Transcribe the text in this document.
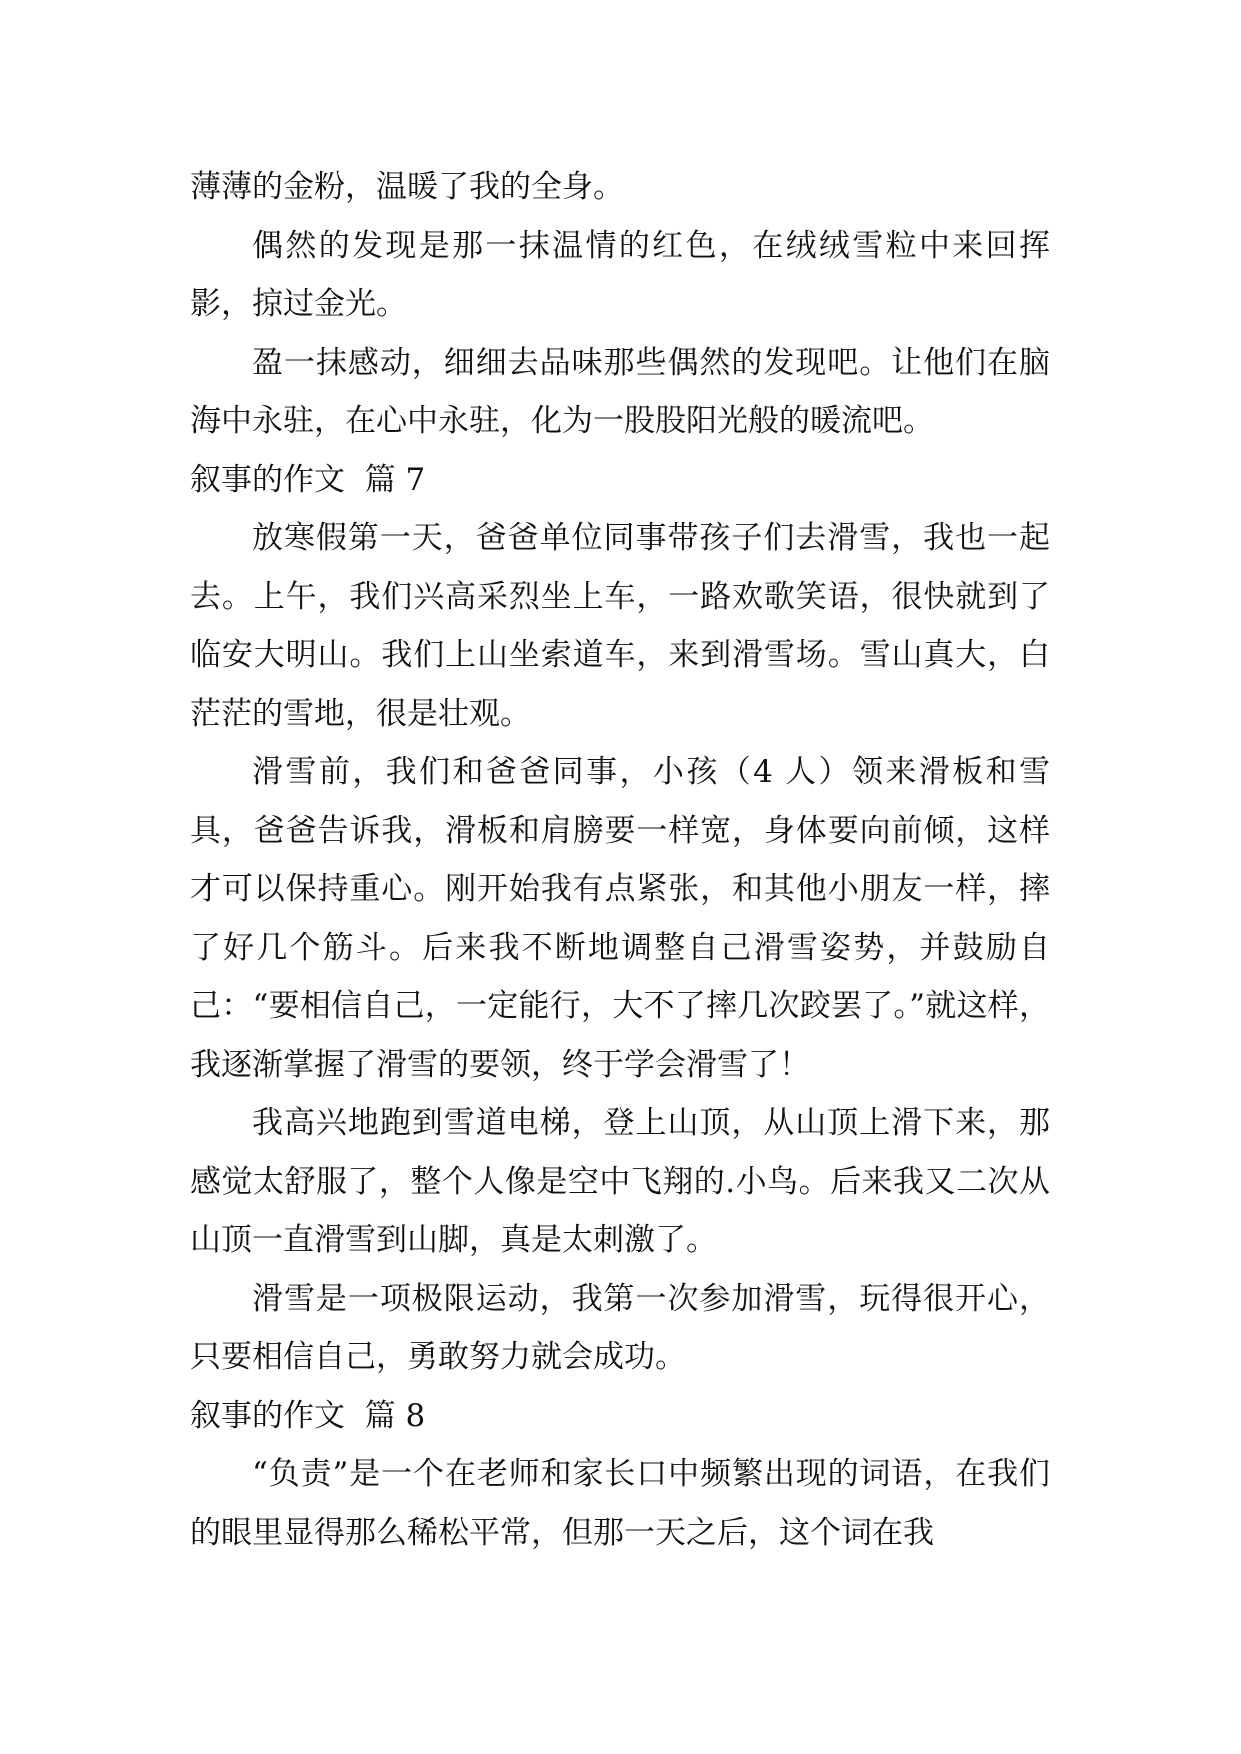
薄薄的金粉，温暖了我的全身。

偶然的发现是那一抹温情的红色，在绒绒雪粒中来回挥影，掠过金光。

盈一抹感动，细细去品味那些偶然的发现吧。让他们在脑海中永驻，在心中永驻，化为一股股阳光般的暖流吧。

叙事的作文  篇 7

放寒假第一天，爸爸单位同事带孩子们去滑雪，我也一起去。上午，我们兴高采烈坐上车，一路欢歌笑语，很快就到了临安大明山。我们上山坐索道车，来到滑雪场。雪山真大，白茫茫的雪地，很是壮观。

滑雪前，我们和爸爸同事，小孩（4 人）领来滑板和雪具，爸爸告诉我，滑板和肩膀要一样宽，身体要向前倾，这样才可以保持重心。刚开始我有点紧张，和其他小朋友一样，摔了好几个筋斗。后来我不断地调整自己滑雪姿势，并鼓励自己：“要相信自己，一定能行，大不了摔几次跤罢了。”就这样，我逐渐掌握了滑雪的要领，终于学会滑雪了！

我高兴地跑到雪道电梯，登上山顶，从山顶上滑下来，那感觉太舒服了，整个人像是空中飞翔的.小鸟。后来我又二次从山顶一直滑雪到山脚，真是太刺激了。

滑雪是一项极限运动，我第一次参加滑雪，玩得很开心，只要相信自己，勇敢努力就会成功。

叙事的作文  篇 8

“负责”是一个在老师和家长口中频繁出现的词语，在我们的眼里显得那么稀松平常，但那一天之后，这个词在我
